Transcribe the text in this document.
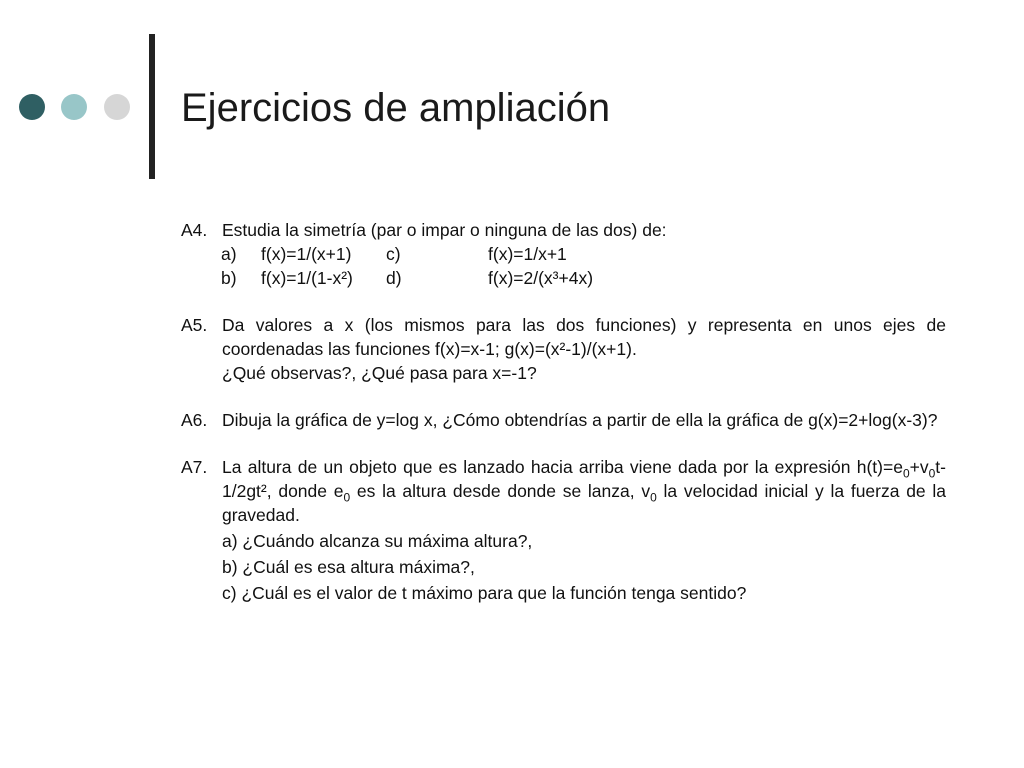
Ejercicios de ampliación
A4. Estudia la simetría (par o impar o ninguna de las dos) de:
a)	f(x)=1/(x+1)	c)	f(x)=1/x+1
b)	f(x)=1/(1-x²)	d)	f(x)=2/(x³+4x)
A5. Da valores a x (los mismos para las dos funciones) y representa en unos ejes de coordenadas las funciones f(x)=x-1; g(x)=(x²-1)/(x+1).
¿Qué observas?, ¿Qué pasa para x=-1?
A6. Dibuja la gráfica de y=log x, ¿Cómo obtendrías a partir de ella la gráfica de g(x)=2+log(x-3)?
A7. La altura de un objeto que es lanzado hacia arriba viene dada por la expresión $h(t)=e_0+v_0t-1/2gt^2$, donde $e_0$ es la altura desde donde se lanza, $v_0$ la velocidad inicial y la fuerza de la gravedad.
a) ¿Cuándo alcanza su máxima altura?,
b) ¿Cuál es esa altura máxima?,
c) ¿Cuál es el valor de t máximo para que la función tenga sentido?
